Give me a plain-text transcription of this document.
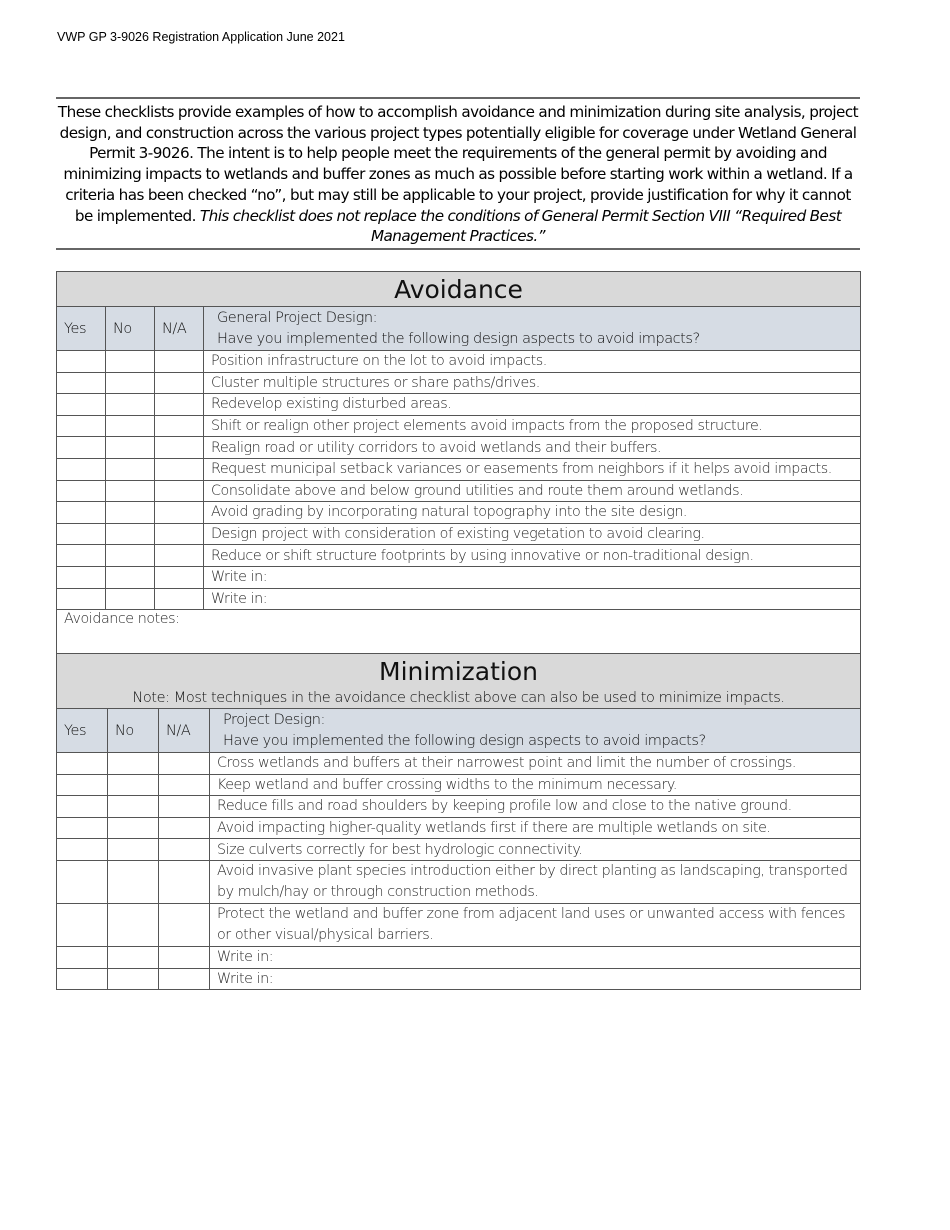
VWP GP 3-9026 Registration Application June 2021
These checklists provide examples of how to accomplish avoidance and minimization during site analysis, project design, and construction across the various project types potentially eligible for coverage under Wetland General Permit 3-9026. The intent is to help people meet the requirements of the general permit by avoiding and minimizing impacts to wetlands and buffer zones as much as possible before starting work within a wetland. If a criteria has been checked “no”, but may still be applicable to your project, provide justification for why it cannot be implemented. This checklist does not replace the conditions of General Permit Section VIII “Required Best Management Practices.”
Avoidance			

Yes	No	N/A	General Project Design:
Have you implemented the following design aspects to avoid impacts?
			Position infrastructure on the lot to avoid impacts.
			Cluster multiple structures or share paths/drives.
			Redevelop existing disturbed areas.
			Shift or realign other project elements avoid impacts from the proposed structure.
			Realign road or utility corridors to avoid wetlands and their buffers.
			Request municipal setback variances or easements from neighbors if it helps avoid impacts.
			Consolidate above and below ground utilities and route them around wetlands.
			Avoid grading by incorporating natural topography into the site design.
			Design project with consideration of existing vegetation to avoid clearing.
			Reduce or shift structure footprints by using innovative or non-traditional design.
			Write in:
			Write in:
Avoidance notes:			
Minimization
Note: Most techniques in the avoidance checklist above can also be used to minimize impacts.			

Yes	No	N/A	Project Design:
Have you implemented the following design aspects to avoid impacts?
			Cross wetlands and buffers at their narrowest point and limit the number of crossings.
			Keep wetland and buffer crossing widths to the minimum necessary.
			Reduce fills and road shoulders by keeping profile low and close to the native ground.
			Avoid impacting higher-quality wetlands first if there are multiple wetlands on site.
			Size culverts correctly for best hydrologic connectivity.
			Avoid invasive plant species introduction either by direct planting as landscaping, transported by mulch/hay or through construction methods.
			Protect the wetland and buffer zone from adjacent land uses or unwanted access with fences or other visual/physical barriers.
			Write in:
			Write in:
